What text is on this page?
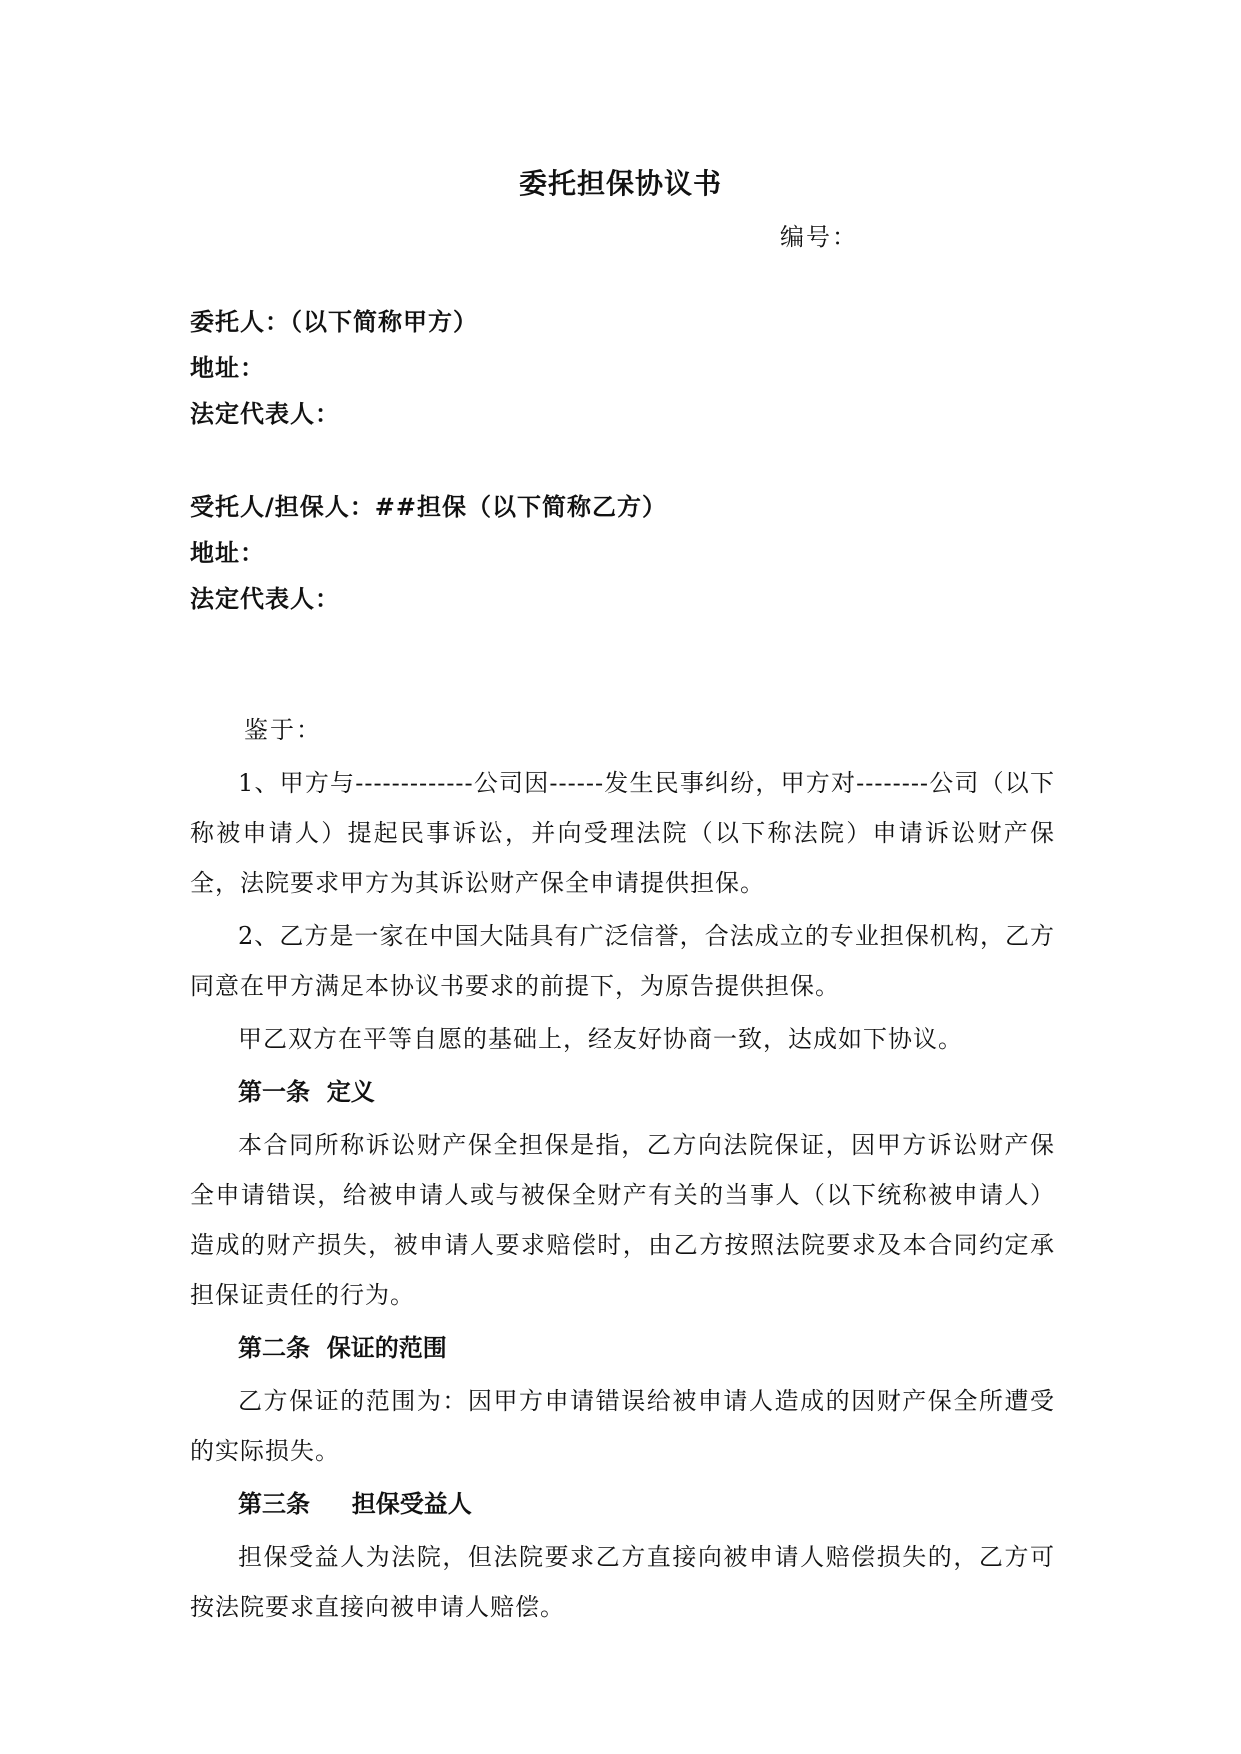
委托担保协议书
编号：
委托人：（以下简称甲方）
地址：
法定代表人：
受托人/担保人：##担保（以下简称乙方）
地址：
法定代表人：

鉴于：

1、甲方与-------------公司因------发生民事纠纷，甲方对--------公司（以下称被申请人）提起民事诉讼，并向受理法院（以下称法院）申请诉讼财产保全，法院要求甲方为其诉讼财产保全申请提供担保。

2、乙方是一家在中国大陆具有广泛信誉，合法成立的专业担保机构，乙方同意在甲方满足本协议书要求的前提下，为原告提供担保。

甲乙双方在平等自愿的基础上，经友好协商一致，达成如下协议。

第一条  定义

本合同所称诉讼财产保全担保是指，乙方向法院保证，因甲方诉讼财产保全申请错误，给被申请人或与被保全财产有关的当事人（以下统称被申请人）造成的财产损失，被申请人要求赔偿时，由乙方按照法院要求及本合同约定承担保证责任的行为。

第二条  保证的范围

乙方保证的范围为：因甲方申请错误给被申请人造成的因财产保全所遭受的实际损失。

第三条     担保受益人

担保受益人为法院，但法院要求乙方直接向被申请人赔偿损失的，乙方可按法院要求直接向被申请人赔偿。
